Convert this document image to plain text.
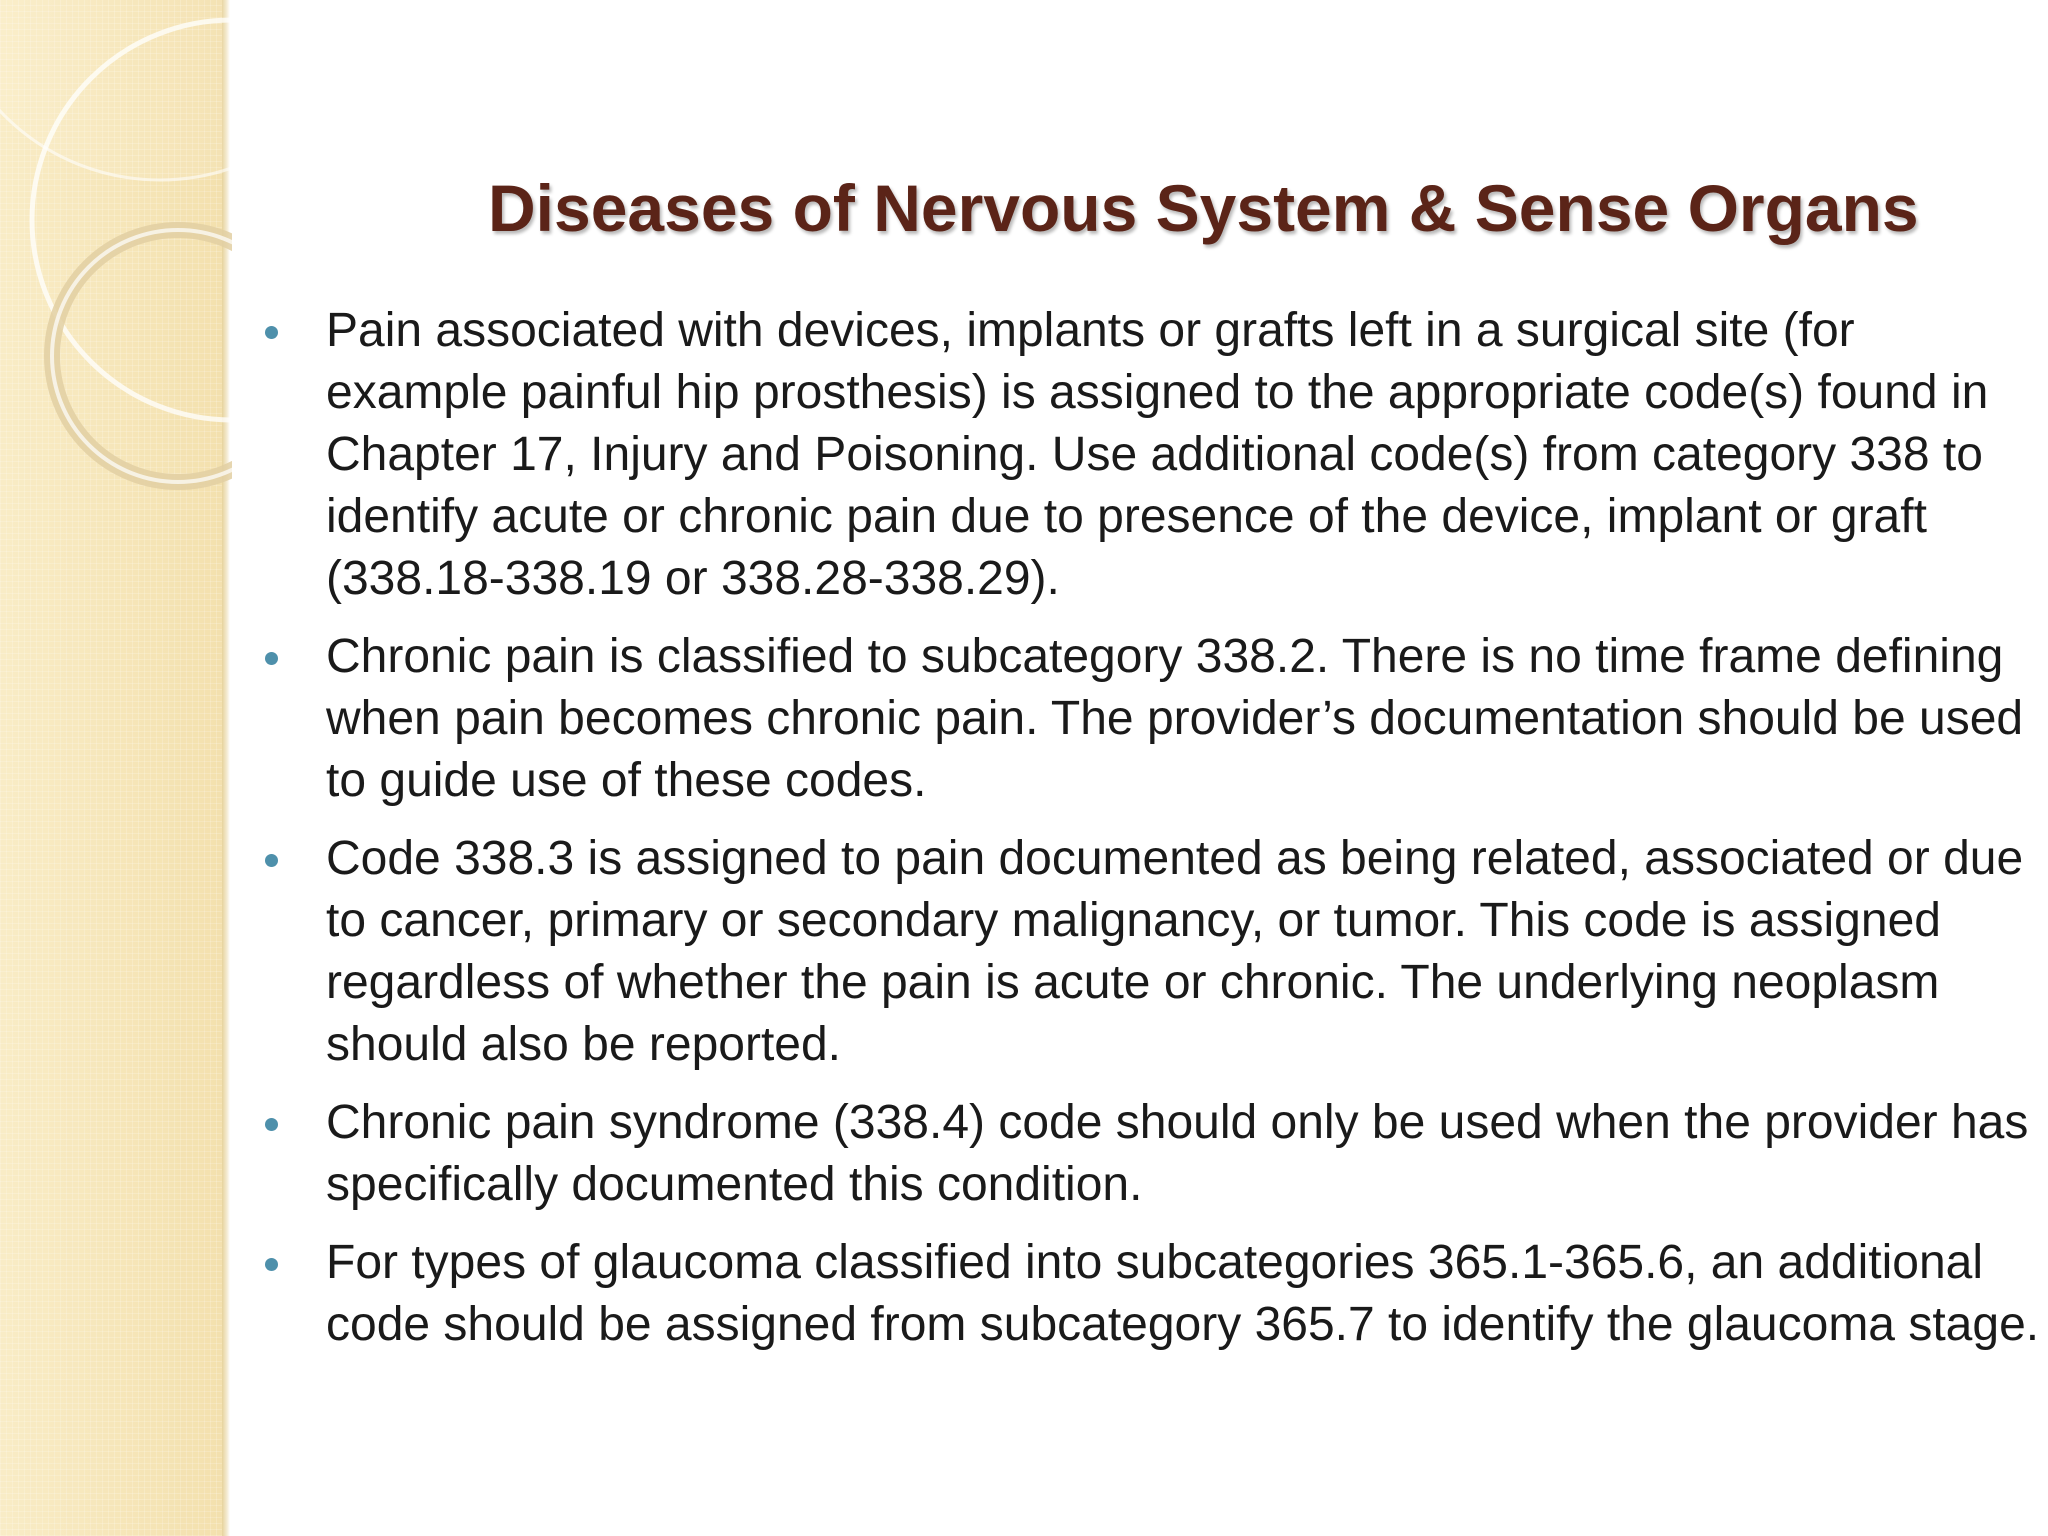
Diseases of Nervous System & Sense Organs
Pain associated with devices, implants or grafts left in a surgical site (for example painful hip prosthesis) is assigned to the appropriate code(s) found in Chapter 17, Injury and Poisoning. Use additional code(s) from category 338 to identify acute or chronic pain due to presence of the device, implant or graft (338.18-338.19 or 338.28-338.29).
Chronic pain is classified to subcategory 338.2. There is no time frame defining when pain becomes chronic pain. The provider’s documentation should be used to guide use of these codes.
Code 338.3 is assigned to pain documented as being related, associated or due to cancer, primary or secondary malignancy, or tumor. This code is assigned regardless of whether the pain is acute or chronic. The underlying neoplasm should also be reported.
Chronic pain syndrome (338.4) code should only be used when the provider has specifically documented this condition.
For types of glaucoma classified into subcategories 365.1-365.6, an additional code should be assigned from subcategory 365.7 to identify the glaucoma stage.
